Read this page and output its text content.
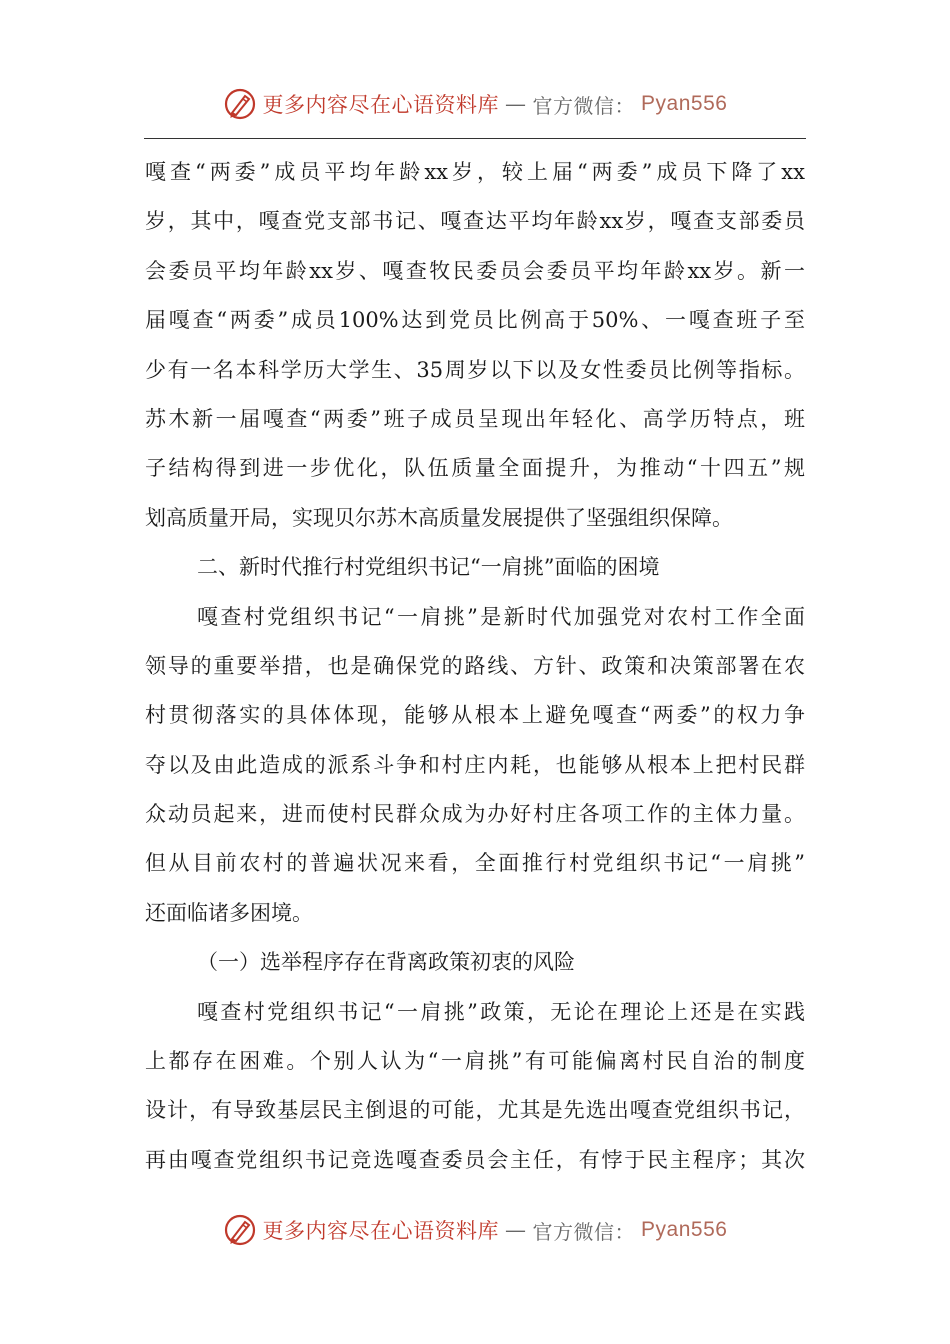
更多内容尽在心语资料库 — 官方微信： Pyan556
嘎查“两委”成员平均年龄xx岁，较上届“两委”成员下降了xx
岁，其中，嘎查党支部书记、嘎查达平均年龄xx岁，嘎查支部委员
会委员平均年龄xx岁、嘎查牧民委员会委员平均年龄xx岁。新一
届嘎查“两委”成员100%达到党员比例高于50%、一嘎查班子至
少有一名本科学历大学生、35周岁以下以及女性委员比例等指标。
苏木新一届嘎查“两委”班子成员呈现出年轻化、高学历特点，班
子结构得到进一步优化，队伍质量全面提升，为推动“十四五”规
划高质量开局，实现贝尔苏木高质量发展提供了坚强组织保障。
二、新时代推行村党组织书记“一肩挑”面临的困境
嘎查村党组织书记“一肩挑”是新时代加强党对农村工作全面
领导的重要举措，也是确保党的路线、方针、政策和决策部署在农
村贯彻落实的具体体现，能够从根本上避免嘎查“两委”的权力争
夺以及由此造成的派系斗争和村庄内耗，也能够从根本上把村民群
众动员起来，进而使村民群众成为办好村庄各项工作的主体力量。
但从目前农村的普遍状况来看，全面推行村党组织书记“一肩挑”
还面临诸多困境。
（一）选举程序存在背离政策初衷的风险
嘎查村党组织书记“一肩挑”政策，无论在理论上还是在实践
上都存在困难。个别人认为“一肩挑”有可能偏离村民自治的制度
设计，有导致基层民主倒退的可能，尤其是先选出嘎查党组织书记，
再由嘎查党组织书记竞选嘎查委员会主任，有悖于民主程序；其次
更多内容尽在心语资料库 — 官方微信： Pyan556
